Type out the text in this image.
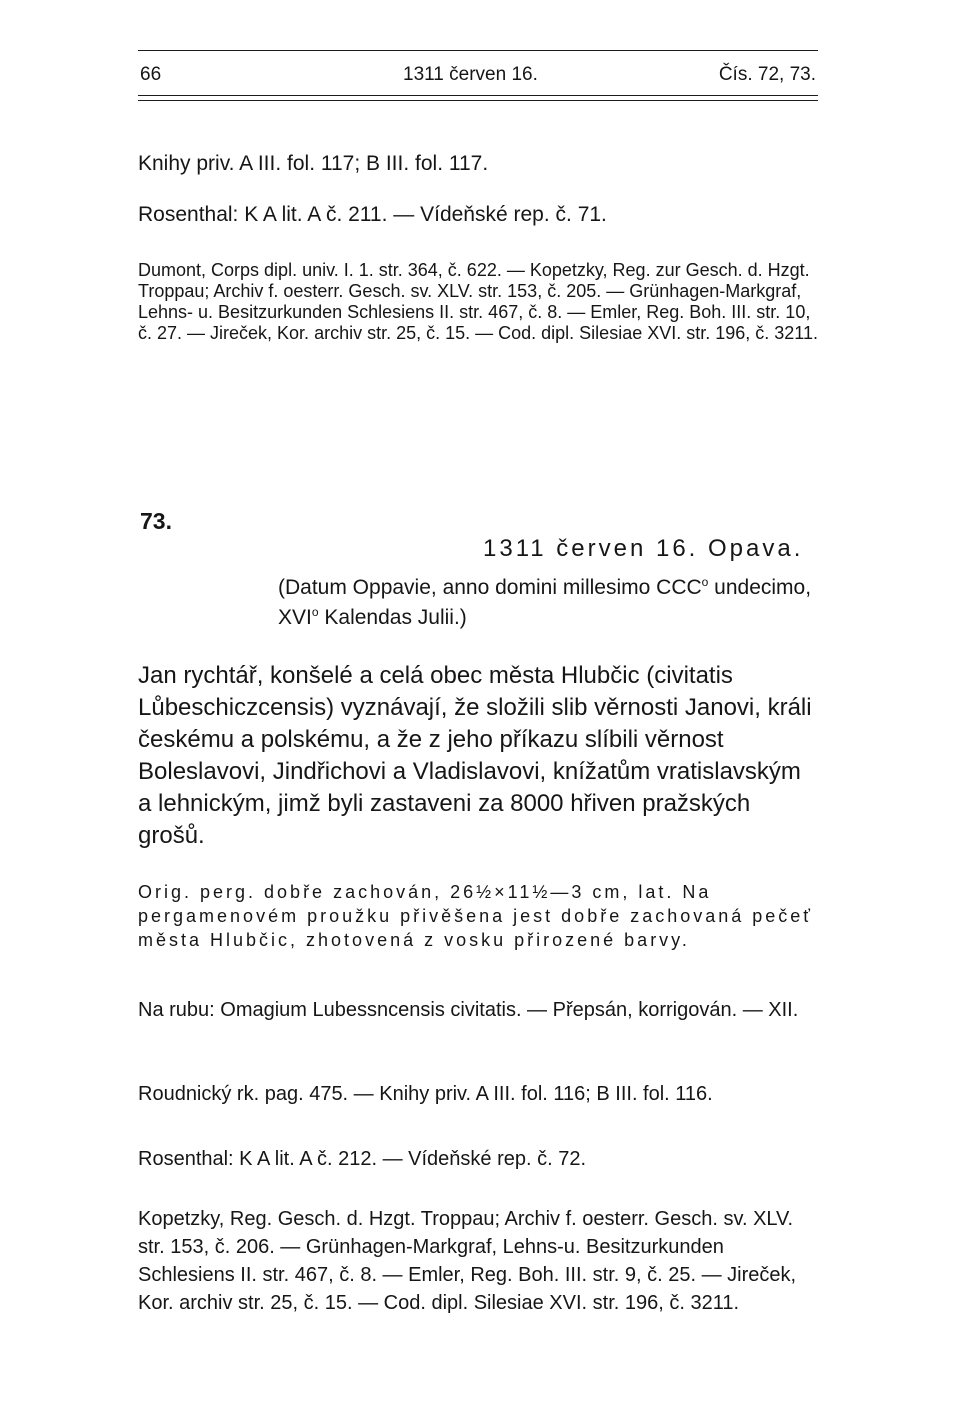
66	1311 červen 16.	Čís. 72, 73.

Knihy priv. A III. fol. 117; B III. fol. 117.

Rosenthal: K A lit. A č. 211. — Vídeňské rep. č. 71.

Dumont, Corps dipl. univ. I. 1. str. 364, č. 622. — Kopetzky, Reg. zur Gesch. d. Hzgt. Troppau; Archiv f. oesterr. Gesch. sv. XLV. str. 153, č. 205. — Grünhagen-Markgraf, Lehns- u. Besitzurkunden Schlesiens II. str. 467, č. 8. — Emler, Reg. Boh. III. str. 10, č. 27. — Jireček, Kor. archiv str. 25, č. 15. — Cod. dipl. Silesiae XVI. str. 196, č. 3211.

73.
1311 červen 16. Opava.

(Datum Oppavie, anno domini millesimo CCC$^o$ undecimo, XVI$^o$ Kalendas Julii.)

Jan rychtář, konšelé a celá obec města Hlubčic (civitatis Lůbeschiczcensis) vyznávají, že složili slib věrnosti Janovi, králi českému a polskému, a že z jeho příkazu slíbili věrnost Boleslavovi, Jindřichovi a Vladislavovi, knížatům vratislavským a lehnickým, jimž byli zastaveni za 8000 hřiven pražských grošů.

Orig. perg. dobře zachován, 26½×11½—3 cm, lat. Na pergamenovém proužku přivěšena jest dobře zachovaná pečeť města Hlubčic, zhotovená z vosku přirozené barvy.

Na rubu: Omagium Lubessncensis civitatis. — Přepsán, korrigován. — XII.

Roudnický rk. pag. 475. — Knihy priv. A III. fol. 116; B III. fol. 116.

Rosenthal: K A lit. A č. 212. — Vídeňské rep. č. 72.

Kopetzky, Reg. Gesch. d. Hzgt. Troppau; Archiv f. oesterr. Gesch. sv. XLV. str. 153, č. 206. — Grünhagen-Markgraf, Lehns-u. Besitzurkunden Schlesiens II. str. 467, č. 8. — Emler, Reg. Boh. III. str. 9, č. 25. — Jireček, Kor. archiv str. 25, č. 15. — Cod. dipl. Silesiae XVI. str. 196, č. 3211.
